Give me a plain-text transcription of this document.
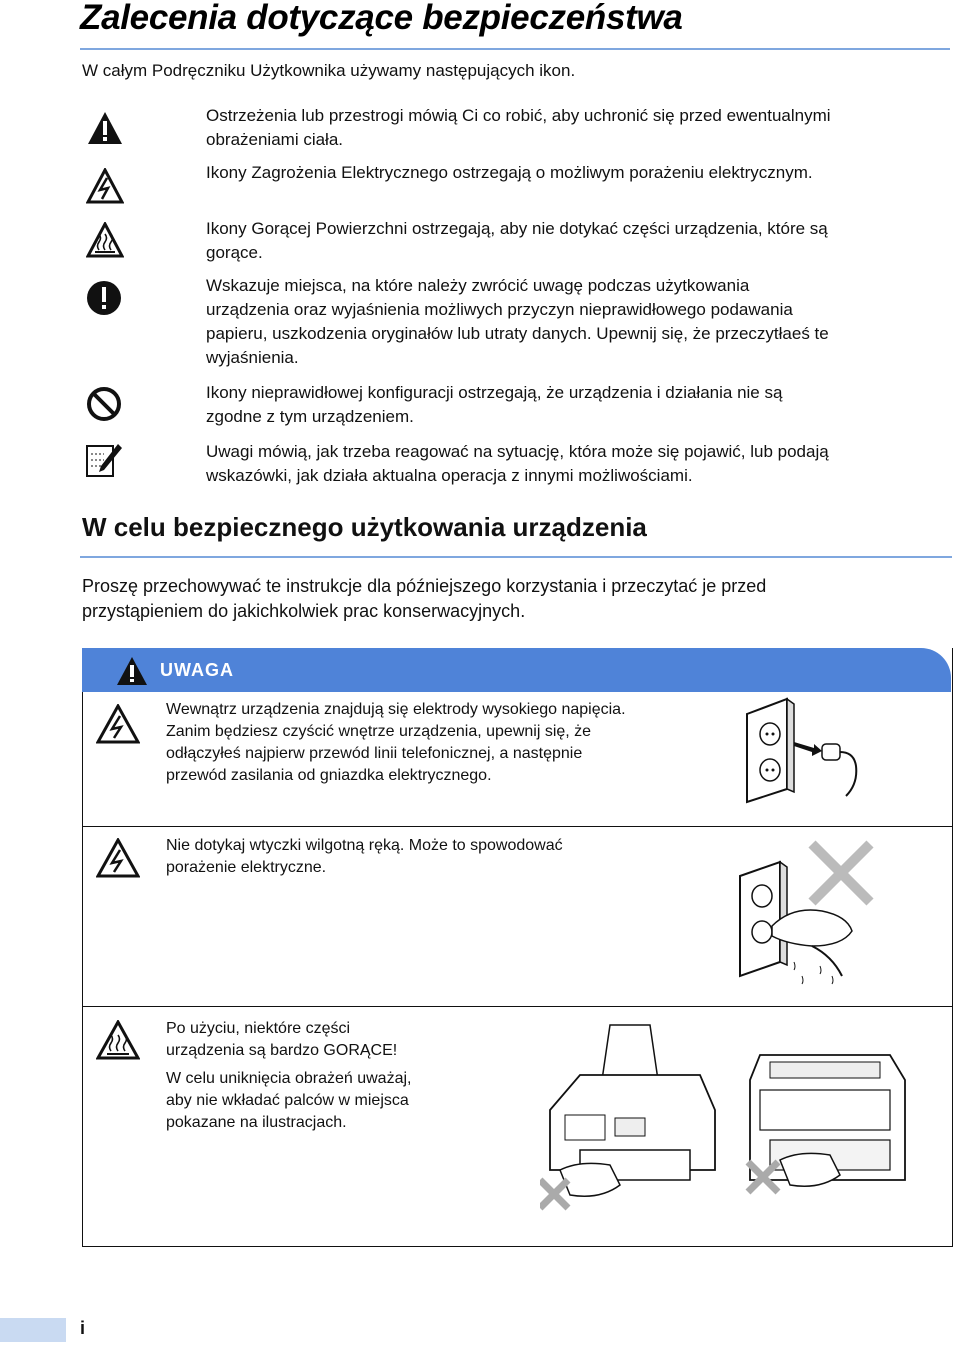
Zalecenia dotyczące bezpieczeństwa
W całym Podręczniku Użytkownika używamy następujących ikon.
Ostrzeżenia lub przestrogi mówią Ci co robić, aby uchronić się przed ewentualnymi
obrażeniami ciała.
Ikony Zagrożenia Elektrycznego ostrzegają o możliwym porażeniu elektrycznym.
Ikony Gorącej Powierzchni ostrzegają, aby nie dotykać części urządzenia, które są
gorące.
Wskazuje miejsca, na które należy zwrócić uwagę podczas użytkowania
urządzenia oraz wyjaśnienia możliwych przyczyn nieprawidłowego podawania
papieru, uszkodzenia oryginałów lub utraty danych. Upewnij się, że przeczytłaeś te
wyjaśnienia.
Ikony nieprawidłowej konfiguracji ostrzegają, że urządzenia i działania nie są
zgodne z tym urządzeniem.
Uwagi mówią, jak trzeba reagować na sytuację, która może się pojawić, lub podają
wskazówki, jak działa aktualna operacja z innymi możliwościami.
W celu bezpiecznego użytkowania urządzenia
Proszę przechowywać te instrukcje dla późniejszego korzystania i przeczytać je przed
przystąpieniem do jakichkolwiek prac konserwacyjnych.
UWAGA
Wewnątrz urządzenia znajdują się elektrody wysokiego napięcia.
Zanim będziesz czyścić wnętrze urządzenia, upewnij się, że
odłączyłeś najpierw przewód linii telefonicznej, a następnie
przewód zasilania od gniazdka elektrycznego.
Nie dotykaj wtyczki wilgotną ręką. Może to spowodować
porażenie elektryczne.
Po użyciu, niektóre części
urządzenia są bardzo GORĄCE!
W celu uniknięcia obrażeń uważaj,
aby nie wkładać palców w miejsca
pokazane na ilustracjach.
i
